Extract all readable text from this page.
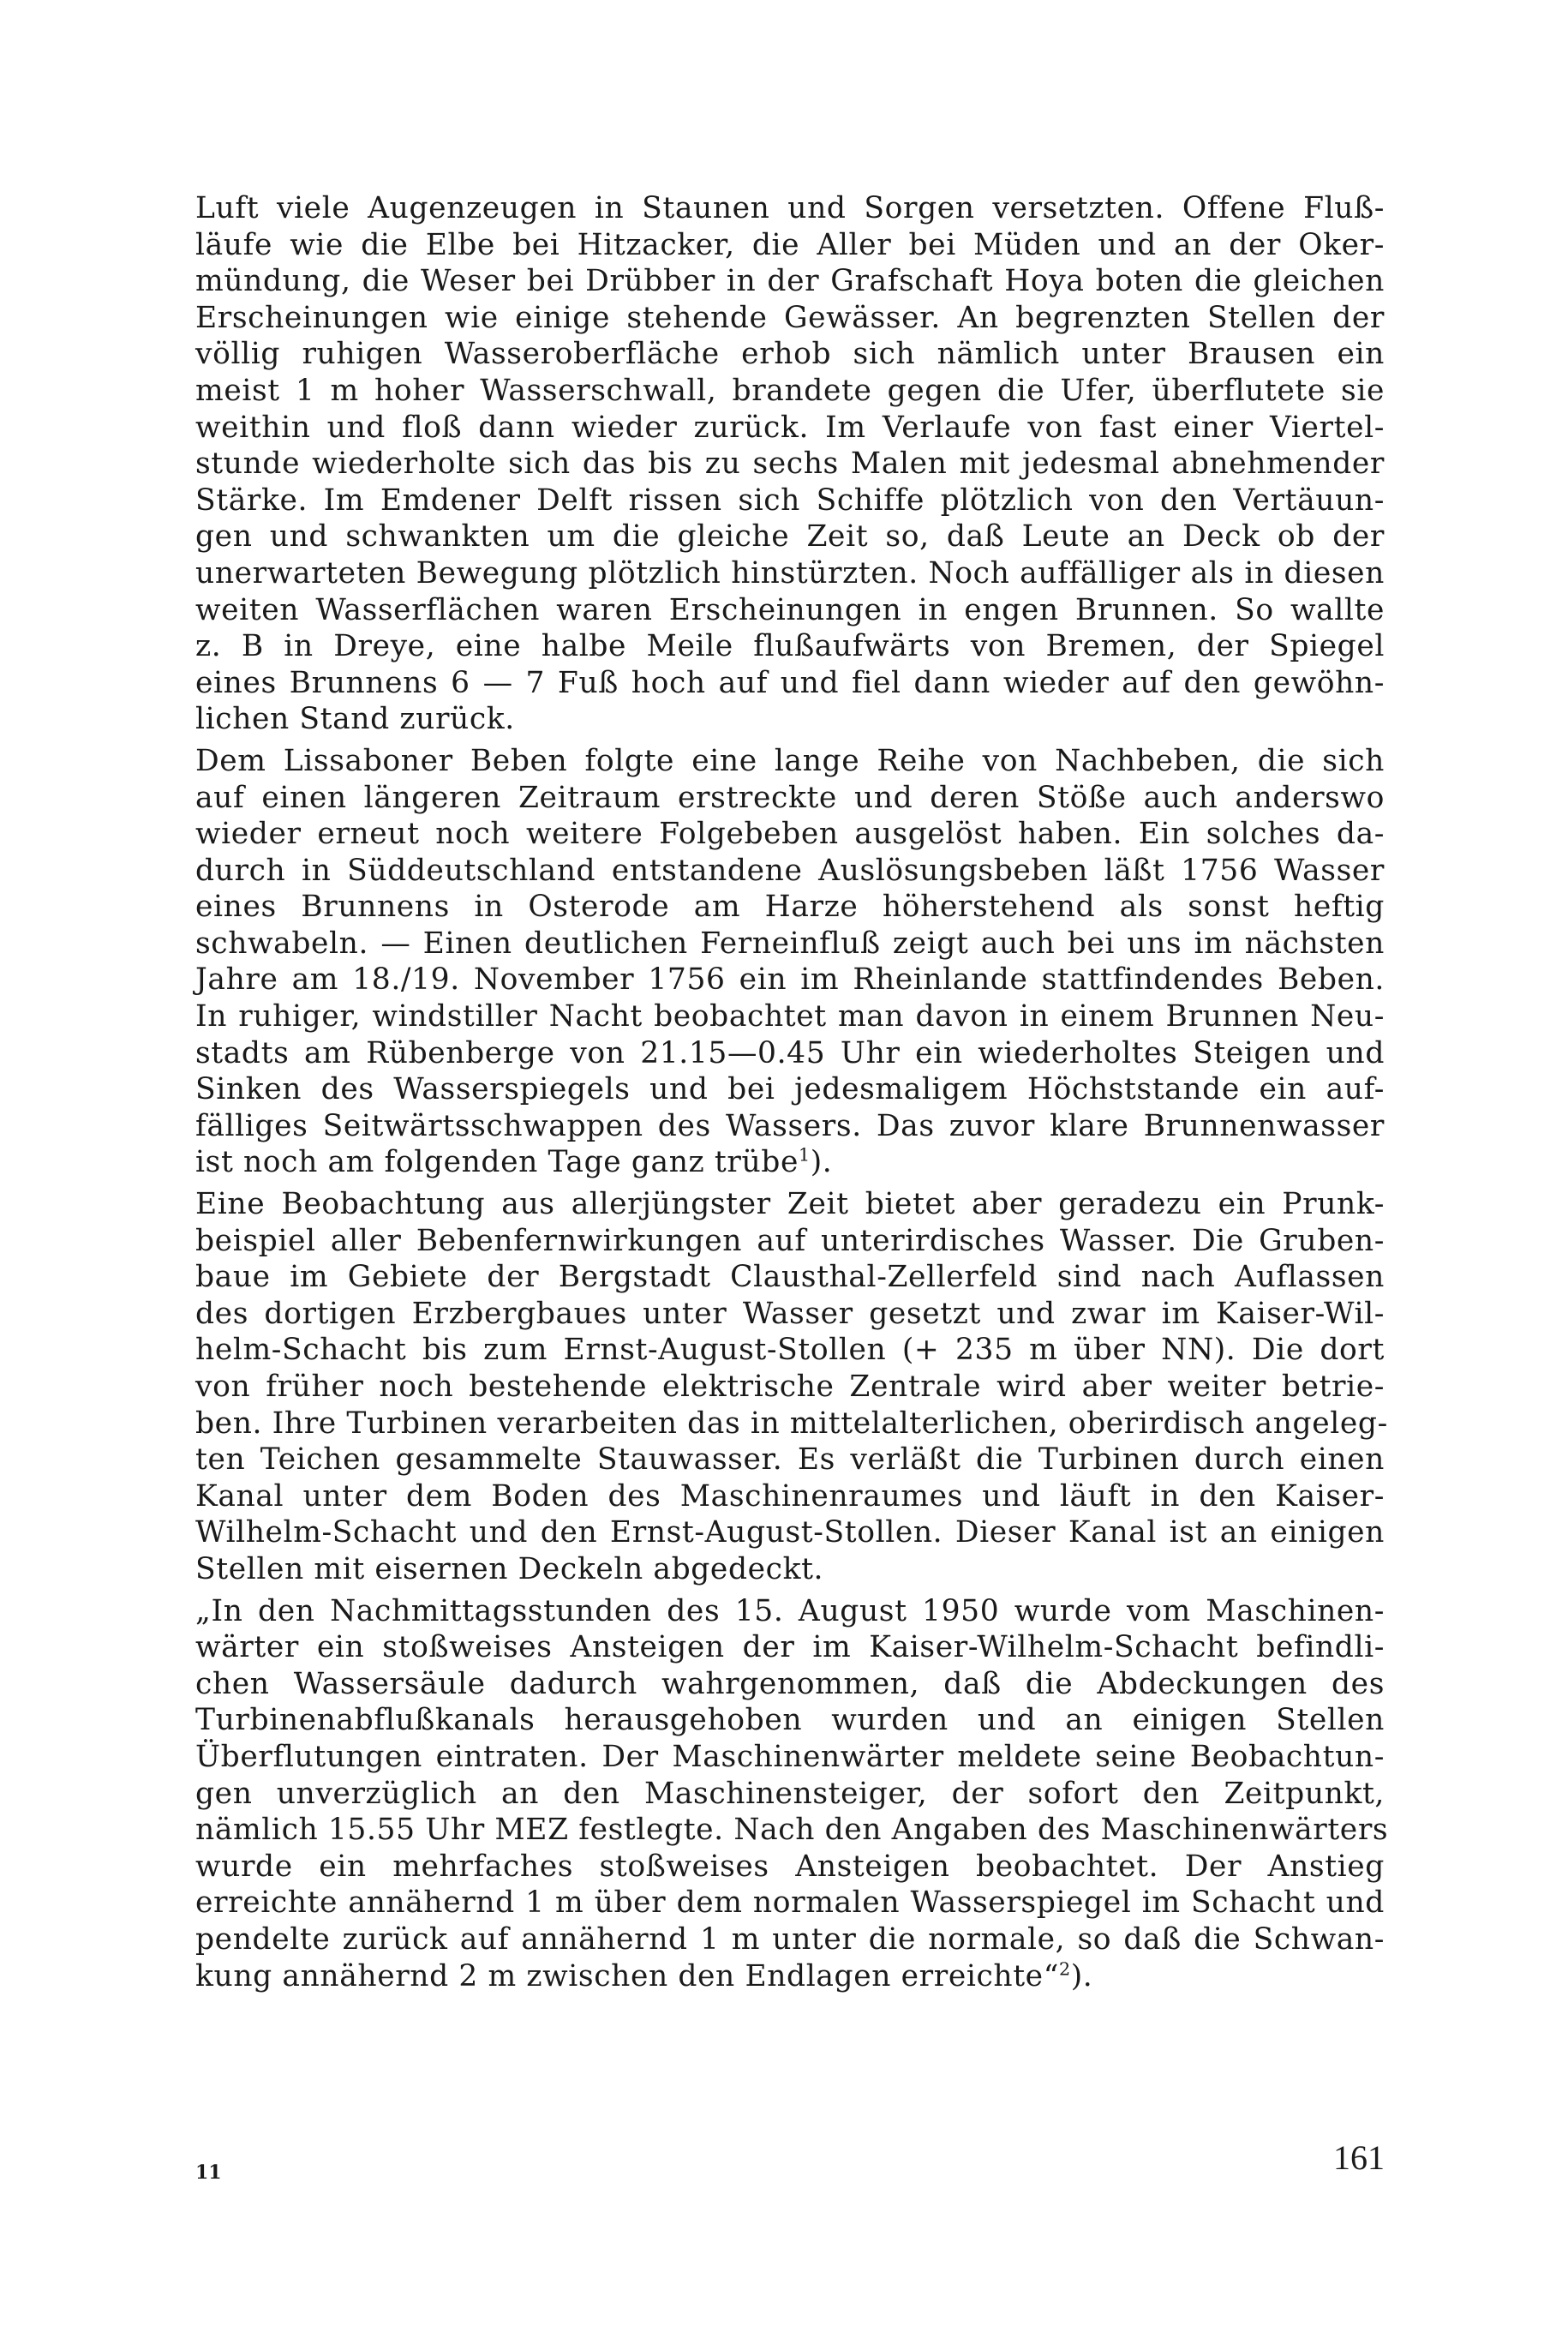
Luft viele Augenzeugen in Staunen und Sorgen versetzten. Offene Fluß-
läufe wie die Elbe bei Hitzacker, die Aller bei Müden und an der Oker-
mündung, die Weser bei Drübber in der Grafschaft Hoya boten die gleichen
Erscheinungen wie einige stehende Gewässer. An begrenzten Stellen der
völlig ruhigen Wasseroberfläche erhob sich nämlich unter Brausen ein
meist 1 m hoher Wasserschwall, brandete gegen die Ufer, überflutete sie
weithin und floß dann wieder zurück. Im Verlaufe von fast einer Viertel-
stunde wiederholte sich das bis zu sechs Malen mit jedesmal abnehmender
Stärke. Im Emdener Delft rissen sich Schiffe plötzlich von den Vertäuun-
gen und schwankten um die gleiche Zeit so, daß Leute an Deck ob der
unerwarteten Bewegung plötzlich hinstürzten. Noch auffälliger als in diesen
weiten Wasserflächen waren Erscheinungen in engen Brunnen. So wallte
z. B in Dreye, eine halbe Meile flußaufwärts von Bremen, der Spiegel
eines Brunnens 6 — 7 Fuß hoch auf und fiel dann wieder auf den gewöhn-
lichen Stand zurück.
Dem Lissaboner Beben folgte eine lange Reihe von Nachbeben, die sich
auf einen längeren Zeitraum erstreckte und deren Stöße auch anderswo
wieder erneut noch weitere Folgebeben ausgelöst haben. Ein solches da-
durch in Süddeutschland entstandene Auslösungsbeben läßt 1756 Wasser
eines Brunnens in Osterode am Harze höherstehend als sonst heftig
schwabeln. — Einen deutlichen Ferneinfluß zeigt auch bei uns im nächsten
Jahre am 18./19. November 1756 ein im Rheinlande stattfindendes Beben.
In ruhiger, windstiller Nacht beobachtet man davon in einem Brunnen Neu-
stadts am Rübenberge von 21.15—0.45 Uhr ein wiederholtes Steigen und
Sinken des Wasserspiegels und bei jedesmaligem Höchststande ein auf-
fälliges Seitwärtsschwappen des Wassers. Das zuvor klare Brunnenwasser
ist noch am folgenden Tage ganz trübe$^1$).
Eine Beobachtung aus allerjüngster Zeit bietet aber geradezu ein Prunk-
beispiel aller Bebenfernwirkungen auf unterirdisches Wasser. Die Gruben-
baue im Gebiete der Bergstadt Clausthal-Zellerfeld sind nach Auflassen
des dortigen Erzbergbaues unter Wasser gesetzt und zwar im Kaiser-Wil-
helm-Schacht bis zum Ernst-August-Stollen (+ 235 m über NN). Die dort
von früher noch bestehende elektrische Zentrale wird aber weiter betrie-
ben. Ihre Turbinen verarbeiten das in mittelalterlichen, oberirdisch angeleg-
ten Teichen gesammelte Stauwasser. Es verläßt die Turbinen durch einen
Kanal unter dem Boden des Maschinenraumes und läuft in den Kaiser-
Wilhelm-Schacht und den Ernst-August-Stollen. Dieser Kanal ist an einigen
Stellen mit eisernen Deckeln abgedeckt.
„In den Nachmittagsstunden des 15. August 1950 wurde vom Maschinen-
wärter ein stoßweises Ansteigen der im Kaiser-Wilhelm-Schacht befindli-
chen Wassersäule dadurch wahrgenommen, daß die Abdeckungen des
Turbinenabflußkanals herausgehoben wurden und an einigen Stellen
Überflutungen eintraten. Der Maschinenwärter meldete seine Beobachtun-
gen unverzüglich an den Maschinensteiger, der sofort den Zeitpunkt,
nämlich 15.55 Uhr MEZ festlegte. Nach den Angaben des Maschinenwärters
wurde ein mehrfaches stoßweises Ansteigen beobachtet. Der Anstieg
erreichte annähernd 1 m über dem normalen Wasserspiegel im Schacht und
pendelte zurück auf annähernd 1 m unter die normale, so daß die Schwan-
kung annähernd 2 m zwischen den Endlagen erreichte“$^2$).
11	161
